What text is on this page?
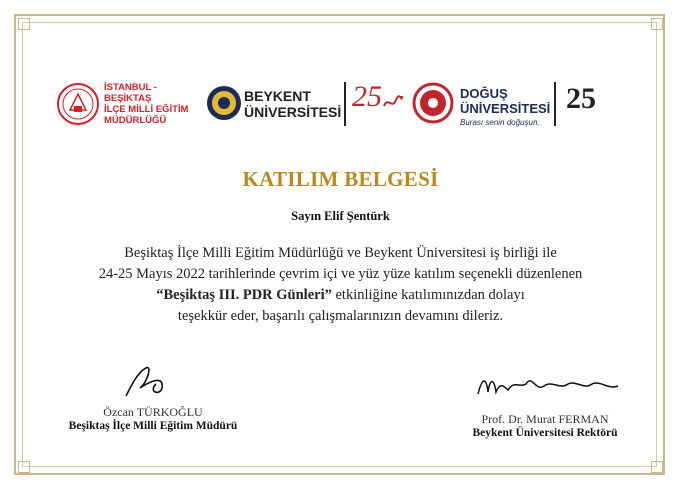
İSTANBUL - BEŞİKTAŞ
İLÇE MİLLİ EĞİTİM
MÜDÜRLÜĞÜ
BEYKENT
ÜNİVERSİTESİ 25	DOĞUŞ
ÜNİVERSİTESİ
Burası senin doğuşun.
25
KATILIM BELGESİ
Sayın Elif Şentürk
Beşiktaş İlçe Milli Eğitim Müdürlüğü ve Beykent Üniversitesi iş birliği ile
24-25 Mayıs 2022 tarihlerinde çevrim içi ve yüz yüze katılım seçenekli düzenlenen
“Beşiktaş III. PDR Günleri” etkinliğine katılımınızdan dolayı
teşekkür eder, başarılı çalışmalarınızın devamını dileriz.
Özcan TÜRKOĞLU
Beşiktaş İlçe Milli Eğitim Müdürü	Prof. Dr. Murat FERMAN
Beykent Üniversitesi Rektörü
